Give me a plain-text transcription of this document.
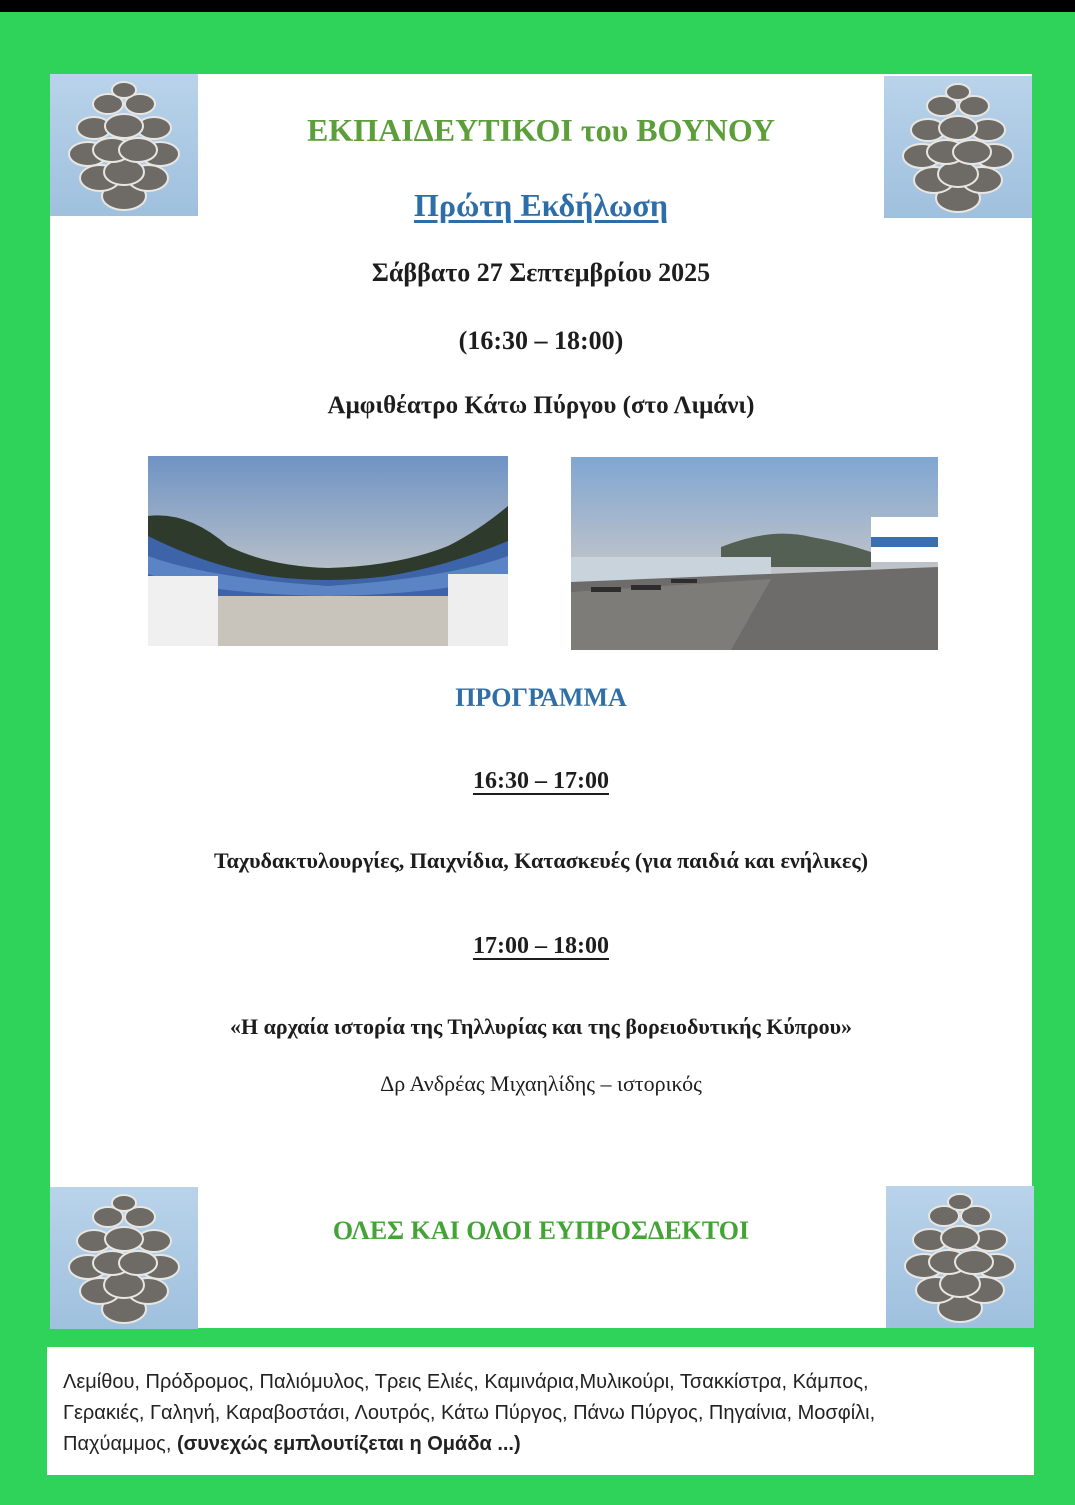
ΕΚΠΑΙΔΕΥΤΙΚΟΙ του ΒΟΥΝΟΥ
Πρώτη Εκδήλωση
Σάββατο 27 Σεπτεμβρίου 2025
(16:30 – 18:00)
Αμφιθέατρο Κάτω Πύργου (στο Λιμάνι)
ΠΡΟΓΡΑΜΜΑ
16:30 – 17:00
Ταχυδακτυλουργίες, Παιχνίδια, Κατασκευές (για παιδιά και ενήλικες)
17:00 – 18:00
«Η αρχαία ιστορία της Τηλλυρίας και της βορειοδυτικής Κύπρου»
Δρ Ανδρέας Μιχαηλίδης – ιστορικός
ΟΛΕΣ ΚΑΙ ΟΛΟΙ ΕΥΠΡΟΣΔΕΚΤΟΙ
Λεμίθου, Πρόδρομος, Παλιόμυλος, Τρεις Ελιές, Καμινάρια,Μυλικούρι, Τσακκίστρα, Κάμπος,
Γερακιές, Γαληνή, Καραβοστάσι, Λουτρός, Κάτω Πύργος, Πάνω Πύργος, Πηγαίνια, Μοσφίλι,
Παχύαμμος, (συνεχώς εμπλουτίζεται η Ομάδα ...)
